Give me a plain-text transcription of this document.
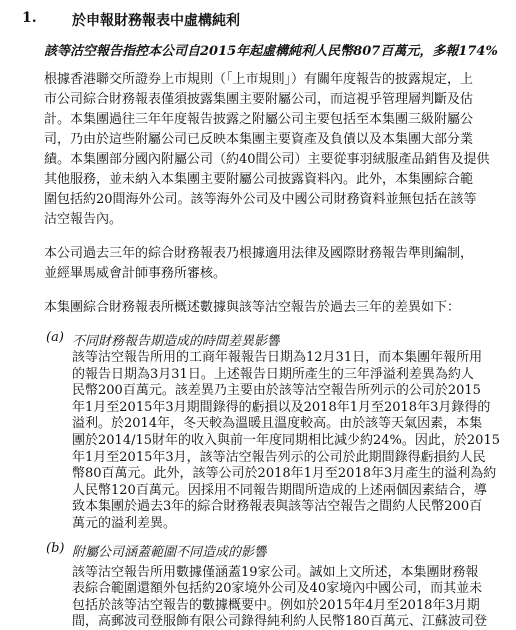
1.	於申報財務報表中虛構純利

該等沽空報告指控本公司自2015年起虛構純利人民幣807百萬元，多報174%

根據香港聯交所證券上市規則（「上市規則」）有關年度報告的披露規定，上

市公司綜合財務報表僅須披露集團主要附屬公司，而這視乎管理層判斷及估

計。本集團過往三年年度報告披露之附屬公司主要包括至本集團三級附屬公

司，乃由於這些附屬公司已反映本集團主要資產及負債以及本集團大部分業

績。本集團部分國內附屬公司（約40間公司）主要從事羽絨服產品銷售及提供

其他服務，並未納入本集團主要附屬公司披露資料內。此外，本集團綜合範

圍包括約20間海外公司。該等海外公司及中國公司財務資料並無包括在該等

沽空報告內。

本公司過去三年的綜合財務報表乃根據適用法律及國際財務報告準則編制，

並經畢馬威會計師事務所審核。

本集團綜合財務報表所概述數據與該等沽空報告於過去三年的差異如下：

(a) 不同財務報告期造成的時間差異影響

該等沽空報告所用的工商年報報告日期為12月31日，而本集團年報所用

的報告日期為3月31日。上述報告日期所產生的三年淨溢利差異為約人

民幣200百萬元。該差異乃主要由於該等沽空報告所列示的公司於2015

年1月至2015年3月期間錄得的虧損以及2018年1月至2018年3月錄得的

溢利。於2014年，冬天較為溫暖且溫度較高。由於該等天氣因素，本集

團於2014/15財年的收入與前一年度同期相比減少約24%。因此，於2015

年1月至2015年3月，該等沽空報告列示的公司於此期間錄得虧損約人民

幣80百萬元。此外，該等公司於2018年1月至2018年3月產生的溢利為約

人民幣120百萬元。因採用不同報告期間所造成的上述兩個因素結合，導

致本集團於過去3年的綜合財務報表與該等沽空報告之間約人民幣200百

萬元的溢利差異。

(b) 附屬公司涵蓋範圍不同造成的影響

該等沽空報告所用數據僅涵蓋19家公司。誠如上文所述，本集團財務報

表綜合範圍還額外包括約20家境外公司及40家境內中國公司，而其並未

包括於該等沽空報告的數據概要中。例如於2015年4月至2018年3月期

間，高郵波司登服飾有限公司錄得純利約人民幣180百萬元、江蘇波司登
